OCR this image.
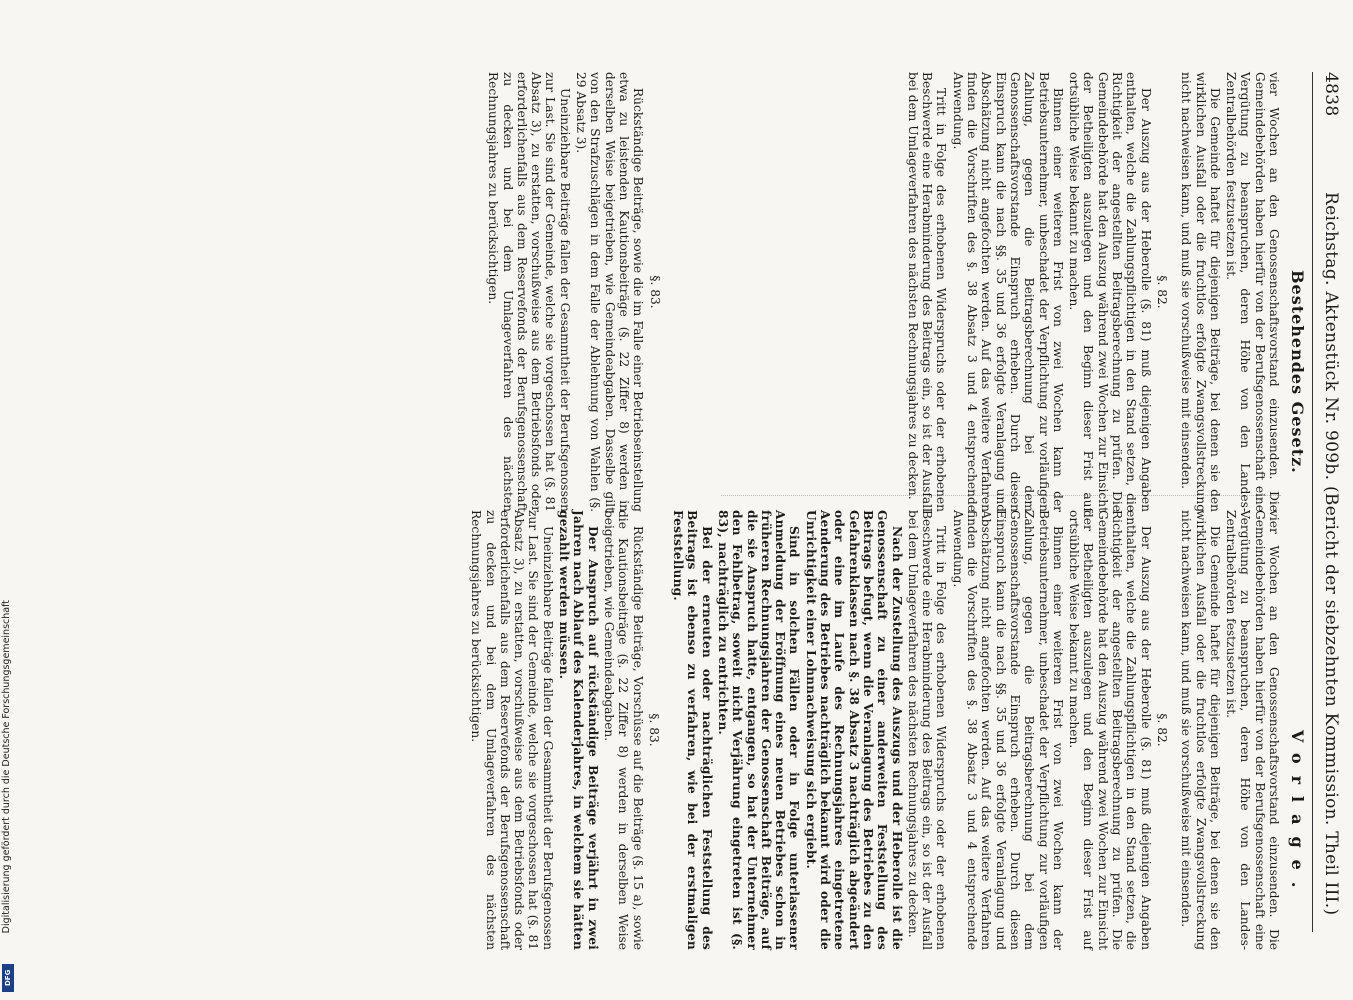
Digitalisierung gefördert durch die Deutsche Forschungsgemeinschaft
DFG
4838
Reichstag. Aktenstück Nr. 909b. (Bericht der siebzehnten Kommission. Theil III.)
Bestehendes Gesetz.
Vorlage.

vier Wochen an den Genossenschaftsvorstand einzusenden. Die Gemeindebehörden haben hierfür von der Berufsgenossenschaft eine Vergütung zu beanspruchen, deren Höhe von den Landes-Zentralbehörden festzusetzen ist.

Die Gemeinde haftet für diejenigen Beiträge, bei denen sie den wirklichen Ausfall oder die fruchtlos erfolgte Zwangsvollstreckung nicht nachweisen kann, und muß sie vorschußweise mit einsenden.

§. 82.

Der Auszug aus der Heberolle (§. 81) muß diejenigen Angaben enthalten, welche die Zahlungspflichtigen in den Stand setzen, die Richtigkeit der angestellten Beitragsberechnung zu prüfen. Die Gemeindebehörde hat den Auszug während zwei Wochen zur Einsicht der Betheiligten auszulegen und den Beginn dieser Frist auf ortsübliche Weise bekannt zu machen.

Binnen einer weiteren Frist von zwei Wochen kann der Betriebsunternehmer, unbeschadet der Verpflichtung zur vorläufigen Zahlung, gegen die Beitragsberechnung bei dem Genossenschaftsvorstande Einspruch erheben. Durch diesen Einspruch kann die nach §§. 35 und 36 erfolgte Veranlagung und Abschätzung nicht angefochten werden. Auf das weitere Verfahren finden die Vorschriften des §. 38 Absatz 3 und 4 entsprechende Anwendung.

Tritt in Folge des erhobenen Widerspruchs oder der erhobenen Beschwerde eine Herabminderung des Beitrags ein, so ist der Ausfall bei dem Umlageverfahren des nächsten Rechnungsjahres zu decken.

§. 83.

Rückständige Beiträge, sowie die im Falle einer Betriebseinstellung etwa zu leistenden Kautionsbeiträge (§. 22 Ziffer 8) werden in derselben Weise beigetrieben, wie Gemeindeabgaben. Dasselbe gilt von den Strafzuschlägen in dem Falle der Ablehnung von Wahlen (§. 29 Absatz 3).

Uneinziehbare Beiträge fallen der Gesammtheit der Berufsgenossen zur Last. Sie sind der Gemeinde, welche sie vorgeschossen hat (§. 81 Absatz 3), zu erstatten, vorschußweise aus dem Betriebsfonds oder erforderlichenfalls aus dem Reservefonds der Berufsgenossenschaft zu decken und bei dem Umlageverfahren des nächsten Rechnungsjahres zu berücksichtigen.

vier Wochen an den Genossenschaftsvorstand einzusenden. Die Gemeindebehörden haben hierfür von der Berufsgenossenschaft eine Vergütung zu beanspruchen, deren Höhe von den Landes-Zentralbehörden festzusetzen ist.

Die Gemeinde haftet für diejenigen Beiträge, bei denen sie den wirklichen Ausfall oder die fruchtlos erfolgte Zwangsvollstreckung nicht nachweisen kann, und muß sie vorschußweise mit einsenden.

§. 82.

Der Auszug aus der Heberolle (§. 81) muß diejenigen Angaben enthalten, welche die Zahlungspflichtigen in den Stand setzen, die Richtigkeit der angestellten Beitragsberechnung zu prüfen. Die Gemeindebehörde hat den Auszug während zwei Wochen zur Einsicht der Betheiligten auszulegen und den Beginn dieser Frist auf ortsübliche Weise bekannt zu machen.

Binnen einer weiteren Frist von zwei Wochen kann der Betriebsunternehmer, unbeschadet der Verpflichtung zur vorläufigen Zahlung, gegen die Beitragsberechnung bei dem Genossenschaftsvorstande Einspruch erheben. Durch diesen Einspruch kann die nach §§. 35 und 36 erfolgte Veranlagung und Abschätzung nicht angefochten werden. Auf das weitere Verfahren finden die Vorschriften des §. 38 Absatz 3 und 4 entsprechende Anwendung.

Tritt in Folge des erhobenen Widerspruchs oder der erhobenen Beschwerde eine Herabminderung des Beitrags ein, so ist der Ausfall bei dem Umlageverfahren des nächsten Rechnungsjahres zu decken.

Nach der Zustellung des Auszugs und der Heberolle ist die Genossenschaft zu einer anderweiten Feststellung des Beitrags befugt, wenn die Veranlagung des Betriebes zu den Gefahrenklassen nach §. 38 Absatz 3 nachträglich abgeändert oder eine im Laufe des Rechnungsjahres eingetretene Aenderung des Betriebes nachträglich bekannt wird oder die Unrichtigkeit einer Lohnnachweisung sich ergiebt.

Sind in solchen Fällen oder in Folge unterlassener Anmeldung der Eröffnung eines neuen Betriebes schon in früheren Rechnungsjahren der Genossenschaft Beiträge, auf die sie Anspruch hatte, entgangen, so hat der Unternehmer den Fehlbetrag, soweit nicht Verjährung eingetreten ist (§. 83), nachträglich zu entrichten.

Bei der erneuten oder nachträglichen Feststellung des Beitrags ist ebenso zu verfahren, wie bei der erstmaligen Feststellung.

§. 83.

Rückständige Beiträge, Vorschüsse auf die Beiträge (§. 15 a), sowie die Kautionsbeiträge (§. 22 Ziffer 8) werden in derselben Weise beigetrieben, wie Gemeindeabgaben.

Der Anspruch auf rückständige Beiträge verjährt in zwei Jahren nach Ablauf des Kalenderjahres, in welchem sie hätten gezahlt werden müssen.

Uneinziehbare Beiträge fallen der Gesammtheit der Berufsgenossen zur Last. Sie sind der Gemeinde, welche sie vorgeschossen hat (§. 81 Absatz 3), zu erstatten, vorschußweise aus dem Betriebsfonds oder erforderlichenfalls aus dem Reservefonds der Berufsgenossenschaft zu decken und bei dem Umlageverfahren des nächsten Rechnungsjahres zu berücksichtigen.
